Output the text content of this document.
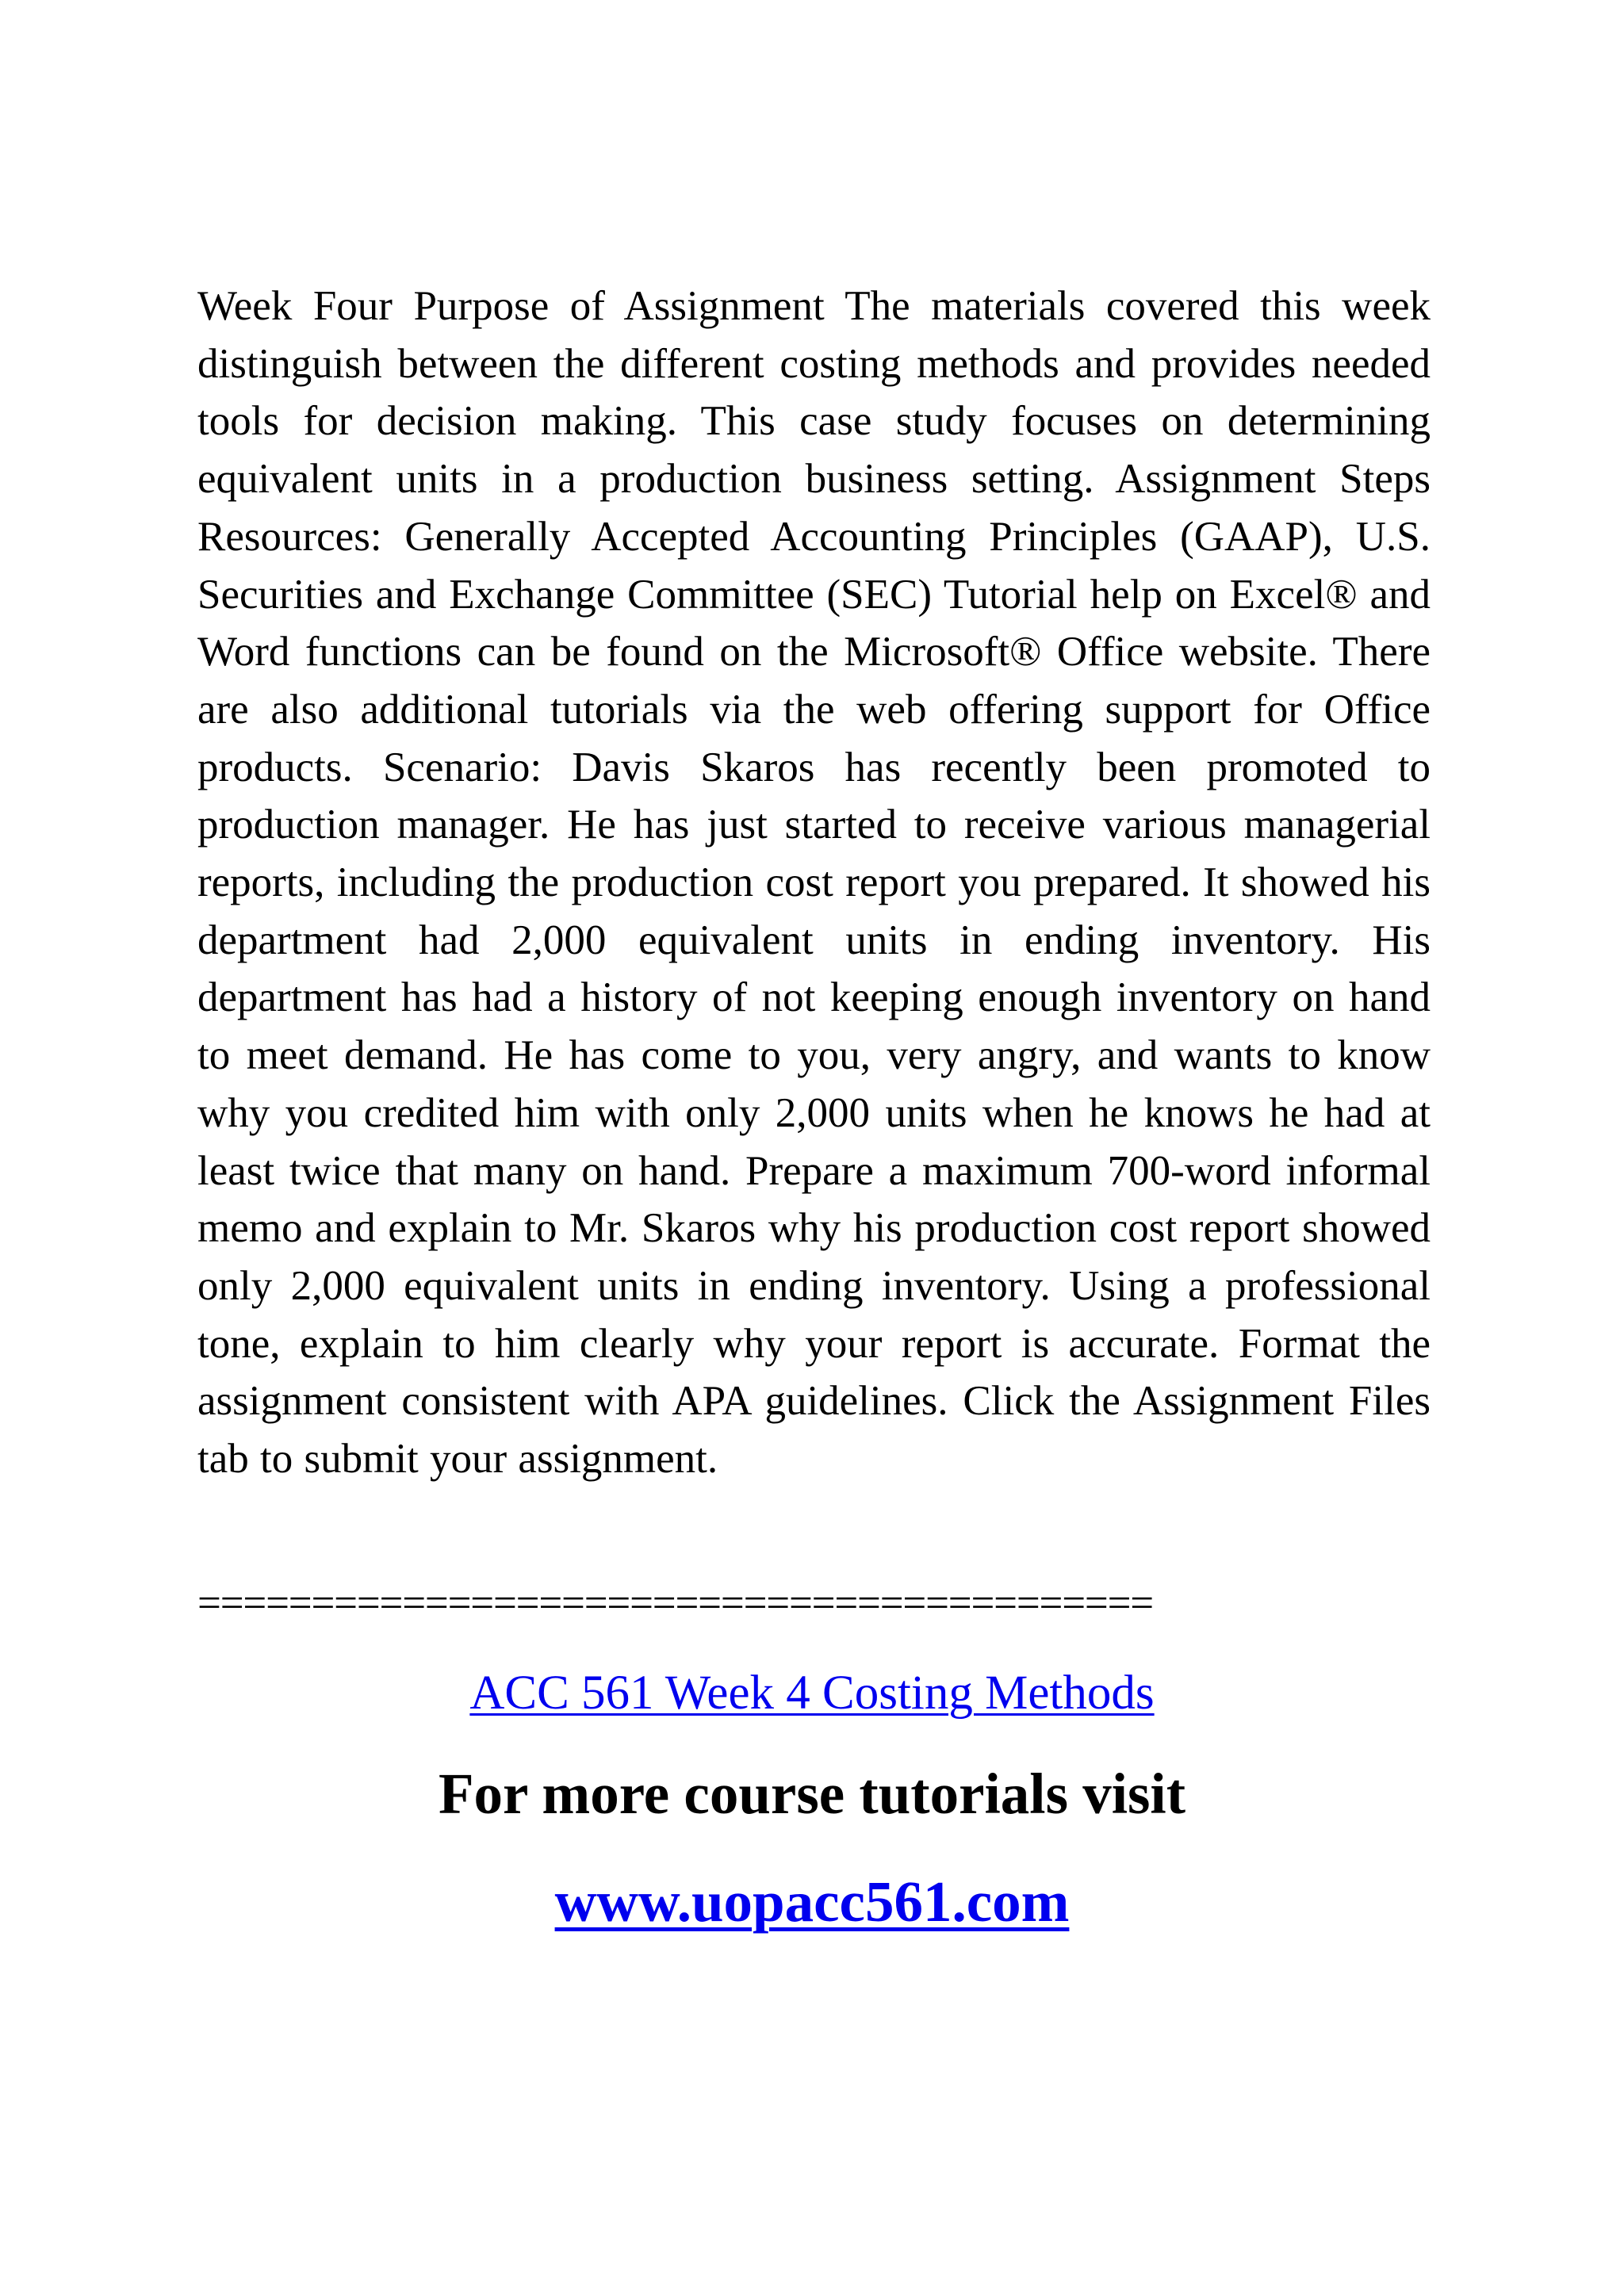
Week Four Purpose of Assignment The materials covered this week distinguish between the different costing methods and provides needed tools for decision making. This case study focuses on determining equivalent units in a production business setting. Assignment Steps Resources: Generally Accepted Accounting Principles (GAAP), U.S. Securities and Exchange Committee (SEC) Tutorial help on Excel® and Word functions can be found on the Microsoft® Office website. There are also additional tutorials via the web offering support for Office products. Scenario: Davis Skaros has recently been promoted to production manager. He has just started to receive various managerial reports, including the production cost report you prepared. It showed his department had 2,000 equivalent units in ending inventory. His department has had a history of not keeping enough inventory on hand to meet demand. He has come to you, very angry, and wants to know why you credited him with only 2,000 units when he knows he had at least twice that many on hand. Prepare a maximum 700-word informal memo and explain to Mr. Skaros why his production cost report showed only 2,000 equivalent units in ending inventory. Using a professional tone, explain to him clearly why your report is accurate. Format the assignment consistent with APA guidelines. Click the Assignment Files tab to submit your assignment.

==========================================
ACC 561 Week 4 Costing Methods

For more course tutorials visit

www.uopacc561.com
